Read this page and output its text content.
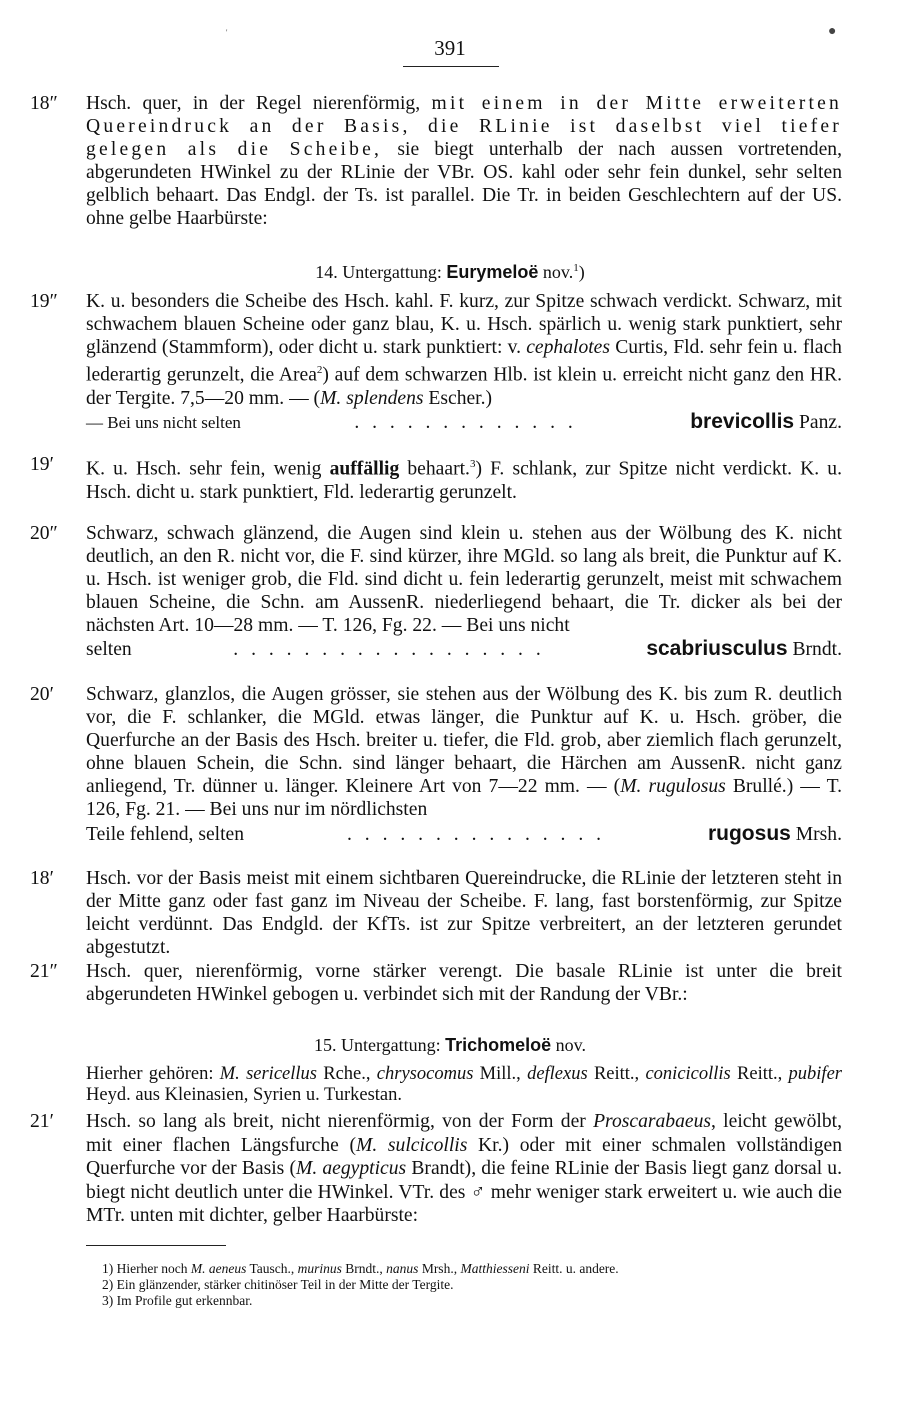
391
●
'
18″	Hsch. quer, in der Regel nierenförmig, mit einem in der Mitte erweiterten Quereindruck an der Basis, die RLinie ist daselbst viel tiefer gelegen als die Scheibe, sie biegt unterhalb der nach aussen vortretenden, abgerundeten HWinkel zu der RLinie der VBr. OS. kahl oder sehr fein dunkel, sehr selten gelblich behaart. Das Endgl. der Ts. ist parallel. Die Tr. in beiden Geschlechtern auf der US. ohne gelbe Haarbürste:
14. Untergattung: Eurymeloë nov.$^1$)
19″	K. u. besonders die Scheibe des Hsch. kahl. F. kurz, zur Spitze schwach verdickt. Schwarz, mit schwachem blauen Scheine oder ganz blau, K. u. Hsch. spärlich u. wenig stark punktiert, sehr glänzend (Stammform), oder dicht u. stark punktiert: v. cephalotes Curtis, Fld. sehr fein u. flach lederartig gerunzelt, die Area$^2$) auf dem schwarzen Hlb. ist klein u. erreicht nicht ganz den HR. der Tergite. 7,5—20 mm. — (M. splendens Escher.)
— Bei uns nicht selten	. . . . . . . . . . . . .	brevicollis Panz.
19′	K. u. Hsch. sehr fein, wenig auffällig behaart.$^3$) F. schlank, zur Spitze nicht verdickt. K. u. Hsch. dicht u. stark punktiert, Fld. lederartig gerunzelt.
20″	Schwarz, schwach glänzend, die Augen sind klein u. stehen aus der Wölbung des K. nicht deutlich, an den R. nicht vor, die F. sind kürzer, ihre MGld. so lang als breit, die Punktur auf K. u. Hsch. ist weniger grob, die Fld. sind dicht u. fein lederartig gerunzelt, meist mit schwachem blauen Scheine, die Schn. am AussenR. niederliegend behaart, die Tr. dicker als bei der nächsten Art. 10—28 mm. — T. 126, Fg. 22. — Bei uns nicht
selten	. . . . . . . . . . . . . . . . . .	scabriusculus Brndt.
20′	Schwarz, glanzlos, die Augen grösser, sie stehen aus der Wölbung des K. bis zum R. deutlich vor, die F. schlanker, die MGld. etwas länger, die Punktur auf K. u. Hsch. gröber, die Querfurche an der Basis des Hsch. breiter u. tiefer, die Fld. grob, aber ziemlich flach gerunzelt, ohne blauen Schein, die Schn. sind länger behaart, die Härchen am AussenR. nicht ganz anliegend, Tr. dünner u. länger. Kleinere Art von 7—22 mm. — (M. rugulosus Brullé.) — T. 126, Fg. 21. — Bei uns nur im nördlichsten
Teile fehlend, selten	. . . . . . . . . . . . . . .	rugosus Mrsh.
18′	Hsch. vor der Basis meist mit einem sichtbaren Quereindrucke, die RLinie der letzteren steht in der Mitte ganz oder fast ganz im Niveau der Scheibe. F. lang, fast borstenförmig, zur Spitze leicht verdünnt. Das Endgld. der KfTs. ist zur Spitze verbreitert, an der letzteren gerundet abgestutzt.
21″	Hsch. quer, nierenförmig, vorne stärker verengt. Die basale RLinie ist unter die breit abgerundeten HWinkel gebogen u. verbindet sich mit der Randung der VBr.:
15. Untergattung: Trichomeloë nov.
Hierher gehören: M. sericellus Rche., chrysocomus Mill., deflexus Reitt., conicicollis Reitt., pubifer Heyd. aus Kleinasien, Syrien u. Turkestan.
21′	Hsch. so lang als breit, nicht nierenförmig, von der Form der Proscarabaeus, leicht gewölbt, mit einer flachen Längsfurche (M. sulcicollis Kr.) oder mit einer schmalen vollständigen Querfurche vor der Basis (M. aegypticus Brandt), die feine RLinie der Basis liegt ganz dorsal u. biegt nicht deutlich unter die HWinkel. VTr. des ♂ mehr weniger stark erweitert u. wie auch die MTr. unten mit dichter, gelber Haarbürste:
1) Hierher noch M. aeneus Tausch., murinus Brndt., nanus Mrsh., Matthiesseni Reitt. u. andere.
2) Ein glänzender, stärker chitinöser Teil in der Mitte der Tergite.
3) Im Profile gut erkennbar.
